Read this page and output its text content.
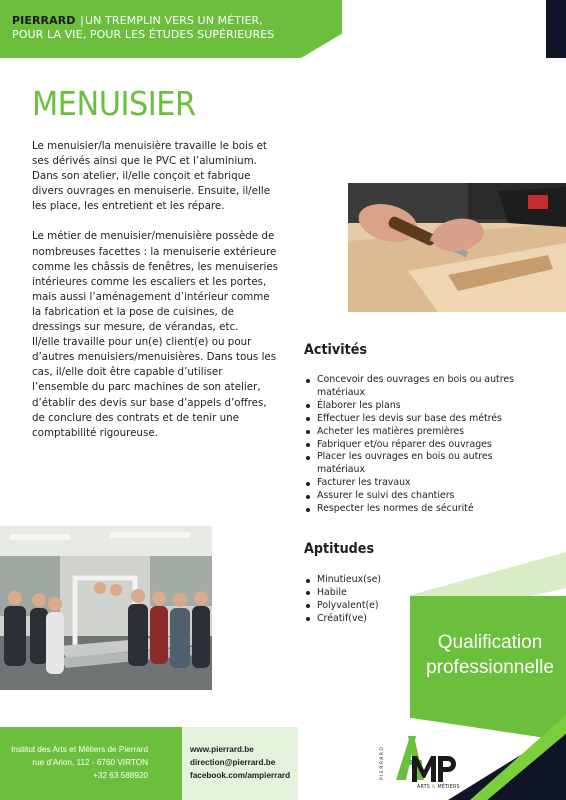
PIERRARD |UN TREMPLIN VERS UN MÉTIER,
POUR LA VIE, POUR LES ÉTUDES SUPÉRIEURES
MENUISIER

Le menuisier/la menuisière travaille le bois et ses dérivés ainsi que le PVC et l’aluminium. Dans son atelier, il/elle conçoit et fabrique divers ouvrages en menuiserie. Ensuite, il/elle les place, les entretient et les répare.

Le métier de menuisier/menuisière possède de nombreuses facettes : la menuiserie extérieure comme les châssis de fenêtres, les menuiseries intérieures comme les escaliers et les portes, mais aussi l’aménagement d’intérieur comme la fabrication et la pose de cuisines, de dressings sur mesure, de vérandas, etc.

Il/elle travaille pour un(e) client(e) ou pour d’autres menuisiers/menuisières. Dans tous les cas, il/elle doit être capable d’utiliser l’ensemble du parc machines de son atelier, d’établir des devis sur base d’appels d’offres, de conclure des contrats et de tenir une comptabilité rigoureuse.

Activités
Concevoir des ouvrages en bois ou autres matériaux
Élaborer les plans
Effectuer les devis sur base des métrés
Acheter les matières premières
Fabriquer et/ou réparer des ouvrages
Placer les ouvrages en bois ou autres matériaux
Facturer les travaux
Assurer le suivi des chantiers
Respecter les normes de sécurité
Aptitudes
Minutieux(se)
Habile
Polyvalent(e)
Créatif(ve)
Qualification
professionnelle
Institut des Arts et Métiers de Pierrard
rue d’Arlon, 112 - 6760 VIRTON
+32 63 588920
www.pierrard.be
direction@pierrard.be
facebook.com/ampierrard	PIERRARD
ARTS & MÉTIERS
